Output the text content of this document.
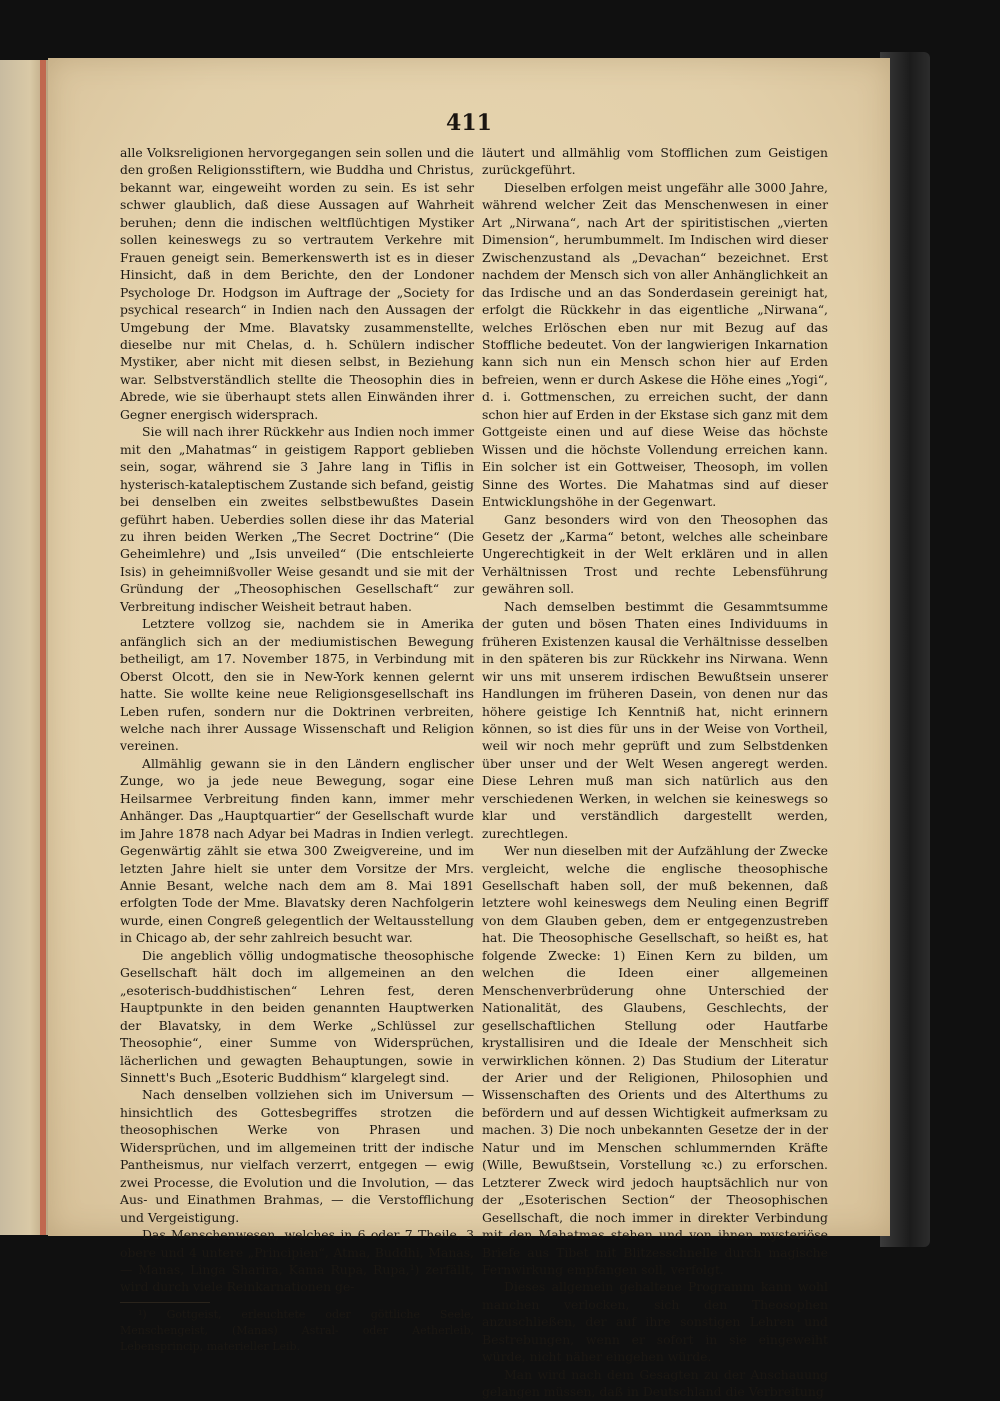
411

alle Volksreligionen hervorgegangen sein sollen und die den großen Religionsstiftern, wie Buddha und Christus, bekannt war, eingeweiht worden zu sein. Es ist sehr schwer glaublich, daß diese Aussagen auf Wahrheit beruhen; denn die indischen weltflüchtigen Mystiker sollen keineswegs zu so vertrautem Verkehre mit Frauen geneigt sein. Bemerkenswerth ist es in dieser Hinsicht, daß in dem Berichte, den der Londoner Psychologe Dr. Hodgson im Auftrage der „Society for psychical research“ in Indien nach den Aussagen der Umgebung der Mme. Blavatsky zusammenstellte, dieselbe nur mit Chelas, d. h. Schülern indischer Mystiker, aber nicht mit diesen selbst, in Beziehung war. Selbstverständlich stellte die Theosophin dies in Abrede, wie sie überhaupt stets allen Einwänden ihrer Gegner energisch widersprach.

Sie will nach ihrer Rückkehr aus Indien noch immer mit den „Mahatmas“ in geistigem Rapport geblieben sein, sogar, während sie 3 Jahre lang in Tiflis in hysterisch-kataleptischem Zustande sich befand, geistig bei denselben ein zweites selbstbewußtes Dasein geführt haben. Ueberdies sollen diese ihr das Material zu ihren beiden Werken „The Secret Doctrine“ (Die Geheimlehre) und „Isis unveiled“ (Die entschleierte Isis) in geheimnißvoller Weise gesandt und sie mit der Gründung der „Theosophischen Gesellschaft“ zur Verbreitung indischer Weisheit betraut haben.

Letztere vollzog sie, nachdem sie in Amerika anfänglich sich an der mediumistischen Bewegung betheiligt, am 17. November 1875, in Verbindung mit Oberst Olcott, den sie in New-York kennen gelernt hatte. Sie wollte keine neue Religionsgesellschaft ins Leben rufen, sondern nur die Doktrinen verbreiten, welche nach ihrer Aussage Wissenschaft und Religion vereinen.

Allmählig gewann sie in den Ländern englischer Zunge, wo ja jede neue Bewegung, sogar eine Heilsarmee Verbreitung finden kann, immer mehr Anhänger. Das „Hauptquartier“ der Gesellschaft wurde im Jahre 1878 nach Adyar bei Madras in Indien verlegt. Gegenwärtig zählt sie etwa 300 Zweigvereine, und im letzten Jahre hielt sie unter dem Vorsitze der Mrs. Annie Besant, welche nach dem am 8. Mai 1891 erfolgten Tode der Mme. Blavatsky deren Nachfolgerin wurde, einen Congreß gelegentlich der Weltausstellung in Chicago ab, der sehr zahlreich besucht war.

Die angeblich völlig undogmatische theosophische Gesellschaft hält doch im allgemeinen an den „esoterisch-buddhistischen“ Lehren fest, deren Hauptpunkte in den beiden genannten Hauptwerken der Blavatsky, in dem Werke „Schlüssel zur Theosophie“, einer Summe von Widersprüchen, lächerlichen und gewagten Behauptungen, sowie in Sinnett's Buch „Esoteric Buddhism“ klargelegt sind.

Nach denselben vollziehen sich im Universum — hinsichtlich des Gottesbegriffes strotzen die theosophischen Werke von Phrasen und Widersprüchen, und im allgemeinen tritt der indische Pantheismus, nur vielfach verzerrt, entgegen — ewig zwei Processe, die Evolution und die Involution, — das Aus- und Einathmen Brahmas, — die Verstofflichung und Vergeistigung.

Das Menschenwesen, welches in 6 oder 7 Theile, 3 obere und 4 untere „Principien“, Atma, Buddhi, Manas, — Manas, Linga Sharira, Kama Rupa, Rupa,¹) zerfällt, wird durch viele Reinkarnationen ge-

¹) Gottgeist, erleuchtete oder göttliche Seele, Menschengeist, (Manas) Astral- oder Aetherleib, Lebensprincip, materieller Leib.

läutert und allmählig vom Stofflichen zum Geistigen zurückgeführt.

Dieselben erfolgen meist ungefähr alle 3000 Jahre, während welcher Zeit das Menschenwesen in einer Art „Nirwana“, nach Art der spiritistischen „vierten Dimension“, herumbummelt. Im Indischen wird dieser Zwischenzustand als „Devachan“ bezeichnet. Erst nachdem der Mensch sich von aller Anhänglichkeit an das Irdische und an das Sonderdasein gereinigt hat, erfolgt die Rückkehr in das eigentliche „Nirwana“, welches Erlöschen eben nur mit Bezug auf das Stoffliche bedeutet. Von der langwierigen Inkarnation kann sich nun ein Mensch schon hier auf Erden befreien, wenn er durch Askese die Höhe eines „Yogi“, d. i. Gottmenschen, zu erreichen sucht, der dann schon hier auf Erden in der Ekstase sich ganz mit dem Gottgeiste einen und auf diese Weise das höchste Wissen und die höchste Vollendung erreichen kann. Ein solcher ist ein Gottweiser, Theosoph, im vollen Sinne des Wortes. Die Mahatmas sind auf dieser Entwicklungshöhe in der Gegenwart.

Ganz besonders wird von den Theosophen das Gesetz der „Karma“ betont, welches alle scheinbare Ungerechtigkeit in der Welt erklären und in allen Verhältnissen Trost und rechte Lebensführung gewähren soll.

Nach demselben bestimmt die Gesammtsumme der guten und bösen Thaten eines Individuums in früheren Existenzen kausal die Verhältnisse desselben in den späteren bis zur Rückkehr ins Nirwana. Wenn wir uns mit unserem irdischen Bewußtsein unserer Handlungen im früheren Dasein, von denen nur das höhere geistige Ich Kenntniß hat, nicht erinnern können, so ist dies für uns in der Weise von Vortheil, weil wir noch mehr geprüft und zum Selbstdenken über unser und der Welt Wesen angeregt werden. Diese Lehren muß man sich natürlich aus den verschiedenen Werken, in welchen sie keineswegs so klar und verständlich dargestellt werden, zurechtlegen.

Wer nun dieselben mit der Aufzählung der Zwecke vergleicht, welche die englische theosophische Gesellschaft haben soll, der muß bekennen, daß letztere wohl keineswegs dem Neuling einen Begriff von dem Glauben geben, dem er entgegenzustreben hat. Die Theosophische Gesellschaft, so heißt es, hat folgende Zwecke: 1) Einen Kern zu bilden, um welchen die Ideen einer allgemeinen Menschenverbrüderung ohne Unterschied der Nationalität, des Glaubens, Geschlechts, der gesellschaftlichen Stellung oder Hautfarbe krystallisiren und die Ideale der Menschheit sich verwirklichen können. 2) Das Studium der Literatur der Arier und der Religionen, Philosophien und Wissenschaften des Orients und des Alterthums zu befördern und auf dessen Wichtigkeit aufmerksam zu machen. 3) Die noch unbekannten Gesetze der in der Natur und im Menschen schlummernden Kräfte (Wille, Bewußtsein, Vorstellung ꝛc.) zu erforschen. Letzterer Zweck wird jedoch hauptsächlich nur von der „Esoterischen Section“ der Theosophischen Gesellschaft, die noch immer in direkter Verbindung mit den Mahatmas stehen und von ihnen mysteriöse Briefe aus Tibet mit Blitzesschnelle durch magische Fernwirkung empfangen soll, verfolgt.

Dieses allgemein gehaltene Programm kann wohl manchen verlocken, sich den Theosophen anzuschließen, der auf ihre sonstigen Lehren und Bestrebungen, wenn er sofort in sie eingeweiht würde, nicht näher eingehen würde.

Man wird nach dem Gesagten zu der Anschauung gelangen müssen, daß in Deutschland die Verbreitung
